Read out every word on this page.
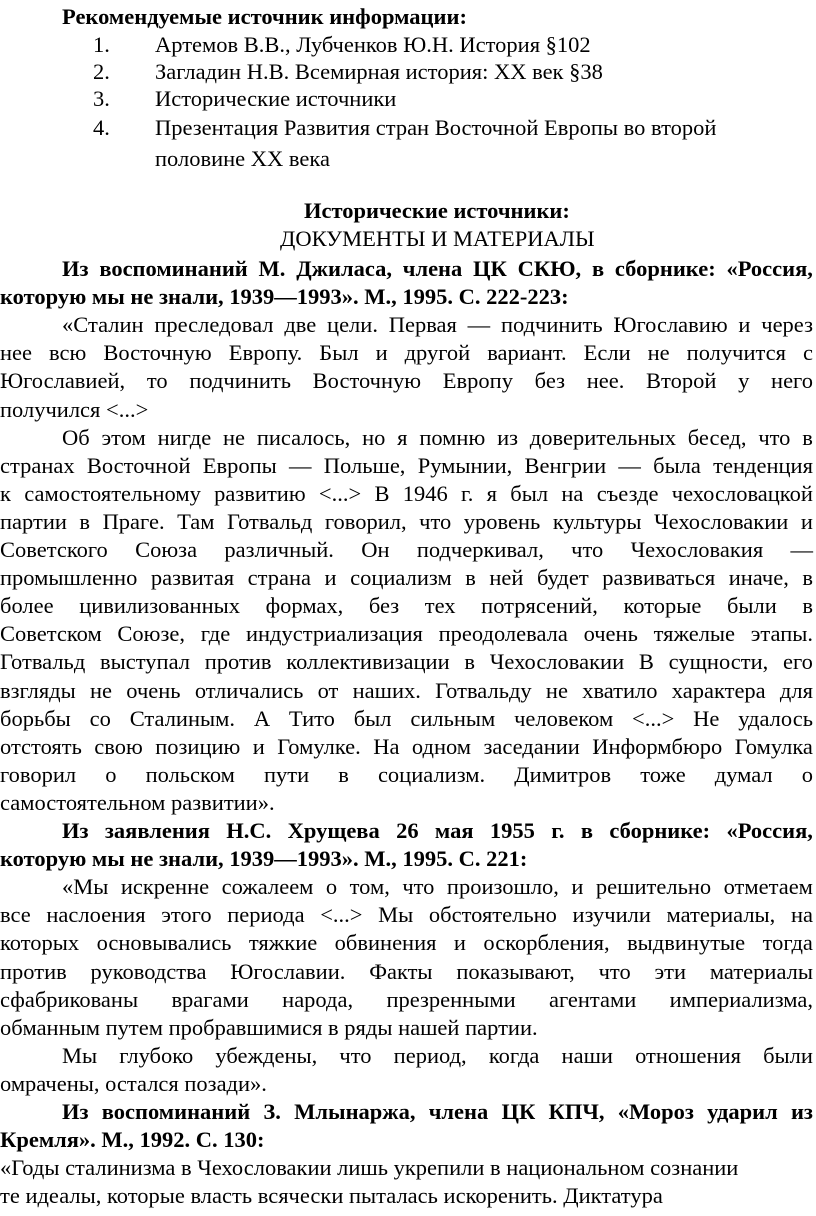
Рекомендуемые источник информации:
1. Артемов В.В., Лубченков Ю.Н. История §102
2. Загладин Н.В. Всемирная история: XX век §38
3. Исторические источники
4. Презентация Развития стран Восточной Европы во второй
половине XX века
Исторические источники:
ДОКУМЕНТЫ И МАТЕРИАЛЫ
Из воспоминаний М. Джиласа, члена ЦК СКЮ, в сборнике: «Россия,
которую мы не знали, 1939—1993». М., 1995. С. 222-223:
«Сталин преследовал две цели. Первая — подчинить Югославию и через
нее всю Восточную Европу. Был и другой вариант. Если не получится с
Югославией, то подчинить Восточную Европу без нее. Второй у него
получился <...>
Об этом нигде не писалось, но я помню из доверительных бесед, что в
странах Восточной Европы — Польше, Румынии, Венгрии — была тенденция
к самостоятельному развитию <...> В 1946 г. я был на съезде чехословацкой
партии в Праге. Там Готвальд говорил, что уровень культуры Чехословакии и
Советского Союза различный. Он подчеркивал, что Чехословакия —
промышленно развитая страна и социализм в ней будет развиваться иначе, в
более цивилизованных формах, без тех потрясений, которые были в
Советском Союзе, где индустриализация преодолевала очень тяжелые этапы.
Готвальд выступал против коллективизации в Чехословакии В сущности, его
взгляды не очень отличались от наших. Готвальду не хватило характера для
борьбы со Сталиным. А Тито был сильным человеком <...> Не удалось
отстоять свою позицию и Гомулке. На одном заседании Информбюро Гомулка
говорил о польском пути в социализм. Димитров тоже думал о
самостоятельном развитии».
Из заявления Н.С. Хрущева 26 мая 1955 г. в сборнике: «Россия,
которую мы не знали, 1939—1993». М., 1995. С. 221:
«Мы искренне сожалеем о том, что произошло, и решительно отметаем
все наслоения этого периода <...> Мы обстоятельно изучили материалы, на
которых основывались тяжкие обвинения и оскорбления, выдвинутые тогда
против руководства Югославии. Факты показывают, что эти материалы
сфабрикованы врагами народа, презренными агентами империализма,
обманным путем пробравшимися в ряды нашей партии.
Мы глубоко убеждены, что период, когда наши отношения были
омрачены, остался позади».
Из воспоминаний З. Млынаржа, члена ЦК КПЧ, «Мороз ударил из
Кремля». М., 1992. С. 130:
«Годы сталинизма в Чехословакии лишь укрепили в национальном сознании
те идеалы, которые власть всячески пыталась искоренить. Диктатура
